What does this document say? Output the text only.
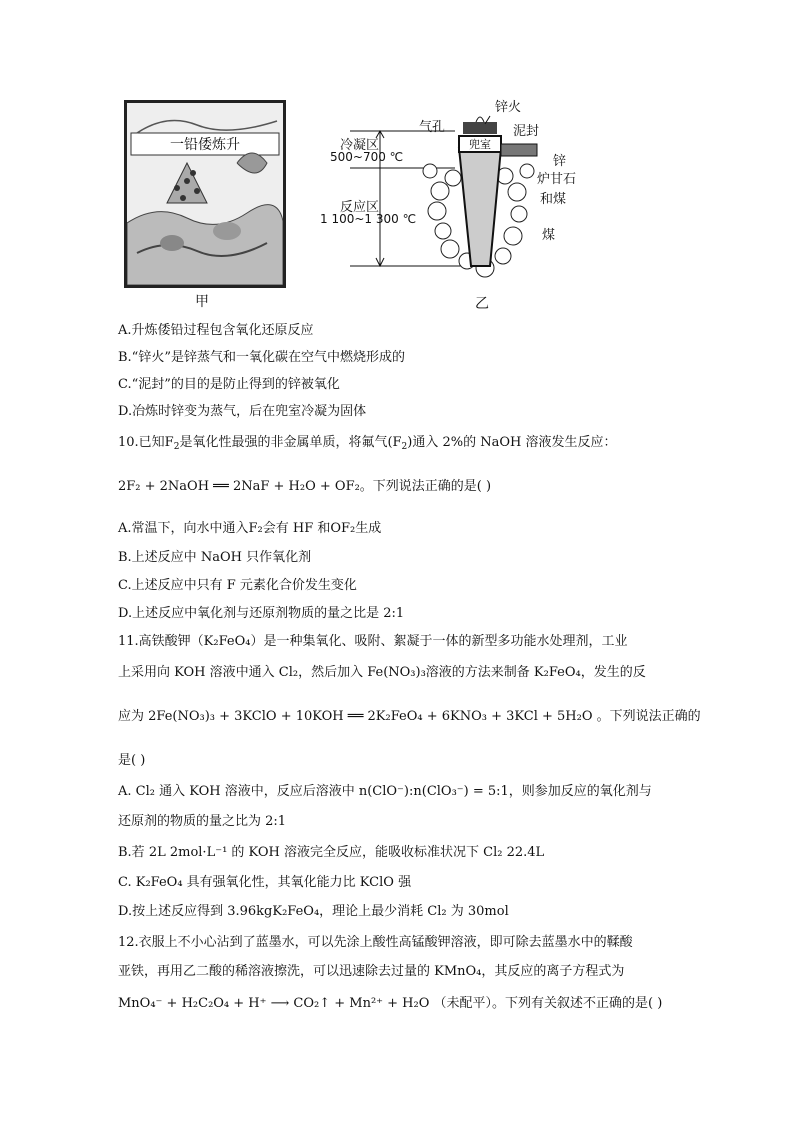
一铅倭炼升
甲
兜室
锌火
气孔	泥封
冷凝区
500~700 ℃	锌
炉甘石
和煤
反应区
1 100~1 300 ℃
煤
乙
A.升炼倭铅过程包含氧化还原反应
B.“锌火”是锌蒸气和一氧化碳在空气中燃烧形成的
C.“泥封”的目的是防止得到的锌被氧化
D.冶炼时锌变为蒸气，后在兜室冷凝为固体
10.已知$F_2$是氧化性最强的非金属单质，将氟气$(F_2)$通入 2%的 NaOH 溶液发生反应：
2F₂ + 2NaOH ══ 2NaF + H₂O + OF₂。下列说法正确的是( )
A.常温下，向水中通入F₂会有 HF 和OF₂生成
B.上述反应中 NaOH 只作氧化剂
C.上述反应中只有 F 元素化合价发生变化
D.上述反应中氧化剂与还原剂物质的量之比是 2:1
11.高铁酸钾（K₂FeO₄）是一种集氧化、吸附、絮凝于一体的新型多功能水处理剂，工业
上采用向 KOH 溶液中通入 Cl₂，然后加入 Fe(NO₃)₃溶液的方法来制备 K₂FeO₄，发生的反
应为 2Fe(NO₃)₃ + 3KClO + 10KOH ══ 2K₂FeO₄ + 6KNO₃ + 3KCl + 5H₂O 。下列说法正确的
是( )
A. Cl₂ 通入 KOH 溶液中，反应后溶液中 n(ClO⁻):n(ClO₃⁻) = 5:1，则参加反应的氧化剂与
还原剂的物质的量之比为 2:1
B.若 2L 2mol·L⁻¹ 的 KOH 溶液完全反应，能吸收标准状况下 Cl₂ 22.4L
C. K₂FeO₄ 具有强氧化性，其氧化能力比 KClO 强
D.按上述反应得到 3.96kgK₂FeO₄，理论上最少消耗 Cl₂ 为 30mol
12.衣服上不小心沾到了蓝墨水，可以先涂上酸性高锰酸钾溶液，即可除去蓝墨水中的鞣酸
亚铁，再用乙二酸的稀溶液擦洗，可以迅速除去过量的 KMnO₄，其反应的离子方程式为
MnO₄⁻ + H₂C₂O₄ + H⁺ ⟶ CO₂↑ + Mn²⁺ + H₂O （未配平）。下列有关叙述不正确的是( )
